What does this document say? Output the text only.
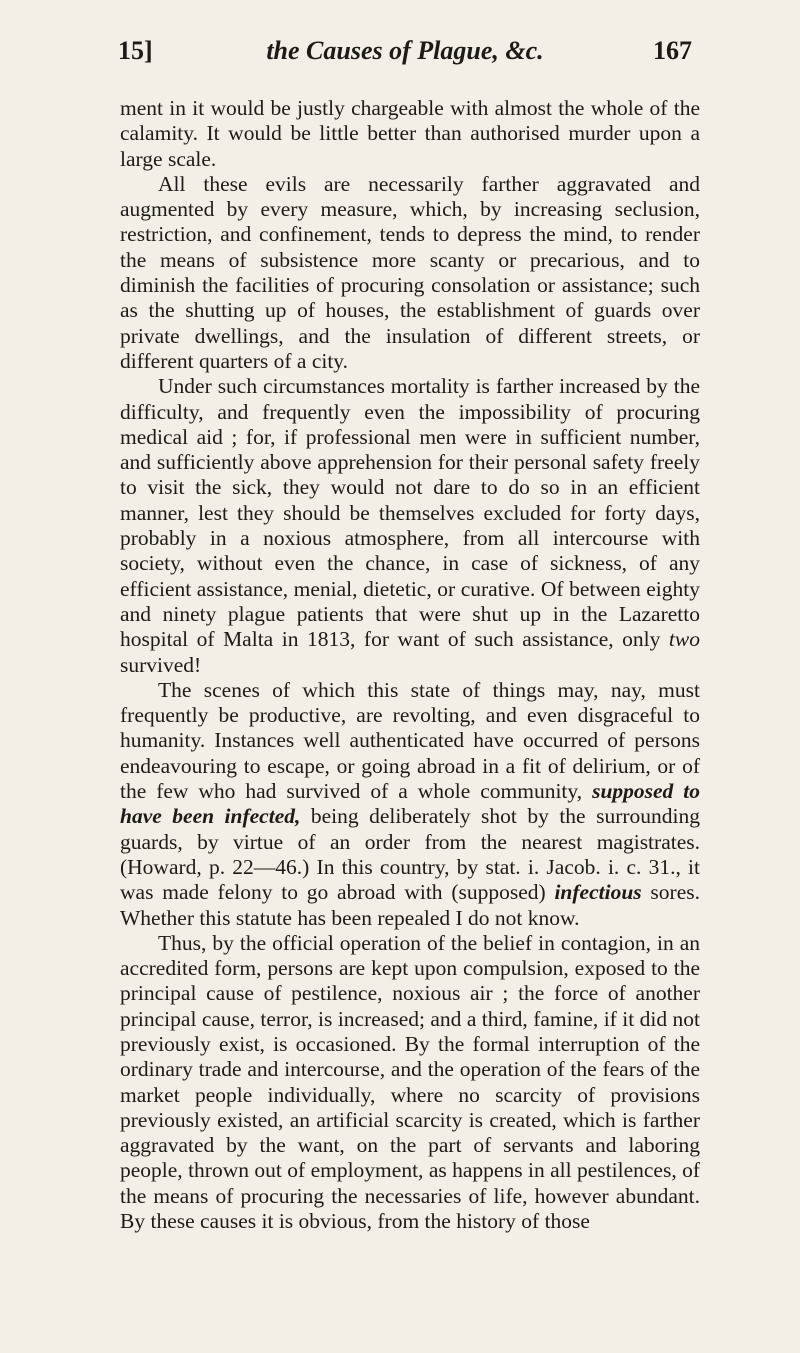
15]	the Causes of Plague, &c.	167

ment in it would be justly chargeable with almost the whole of the calamity. It would be little better than authorised murder upon a large scale.

All these evils are necessarily farther aggravated and augmented by every measure, which, by increasing seclusion, restriction, and confinement, tends to depress the mind, to render the means of subsistence more scanty or precarious, and to diminish the facilities of procuring consolation or assistance; such as the shutting up of houses, the establishment of guards over private dwellings, and the insulation of different streets, or different quarters of a city.

Under such circumstances mortality is farther increased by the difficulty, and frequently even the impossibility of procuring medical aid ; for, if professional men were in sufficient number, and sufficiently above apprehension for their personal safety freely to visit the sick, they would not dare to do so in an efficient manner, lest they should be themselves excluded for forty days, probably in a noxious atmosphere, from all intercourse with society, without even the chance, in case of sickness, of any efficient assistance, menial, dietetic, or curative. Of between eighty and ninety plague patients that were shut up in the Lazaretto hospital of Malta in 1813, for want of such assistance, only two survived!

The scenes of which this state of things may, nay, must frequently be productive, are revolting, and even disgraceful to humanity. Instances well authenticated have occurred of persons endeavouring to escape, or going abroad in a fit of delirium, or of the few who had survived of a whole community, supposed to have been infected, being deliberately shot by the surrounding guards, by virtue of an order from the nearest magistrates. (Howard, p. 22—46.) In this country, by stat. i. Jacob. i. c. 31., it was made felony to go abroad with (supposed) infectious sores. Whether this statute has been repealed I do not know.

Thus, by the official operation of the belief in contagion, in an accredited form, persons are kept upon compulsion, exposed to the principal cause of pestilence, noxious air ; the force of another principal cause, terror, is increased; and a third, famine, if it did not previously exist, is occasioned. By the formal interruption of the ordinary trade and intercourse, and the operation of the fears of the market people individually, where no scarcity of provisions previously existed, an artificial scarcity is created, which is farther aggravated by the want, on the part of servants and laboring people, thrown out of employment, as happens in all pestilences, of the means of procuring the necessaries of life, however abundant. By these causes it is obvious, from the history of those
